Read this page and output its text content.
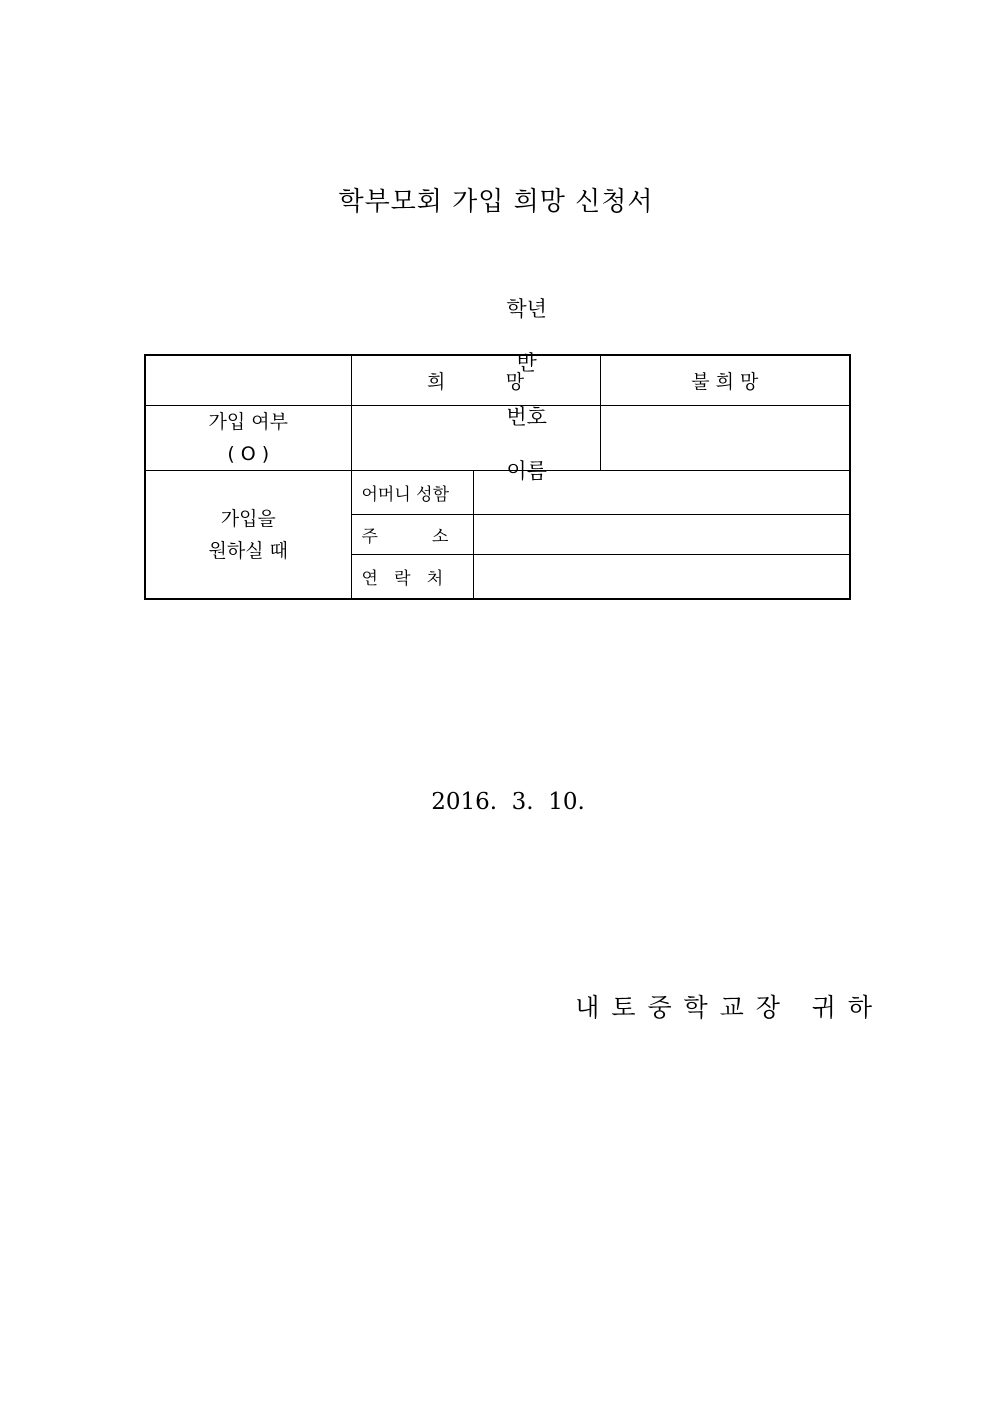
학부모회 가입 희망 신청서

학년

반

번호

이름

	희          망		불 희 망

가입 여부
( O )			

가입을
원하실 때	어머니 성함		
	주          소		
	연   락   처		
2016.  3.  10.
내 토 중 학 교 장   귀 하
